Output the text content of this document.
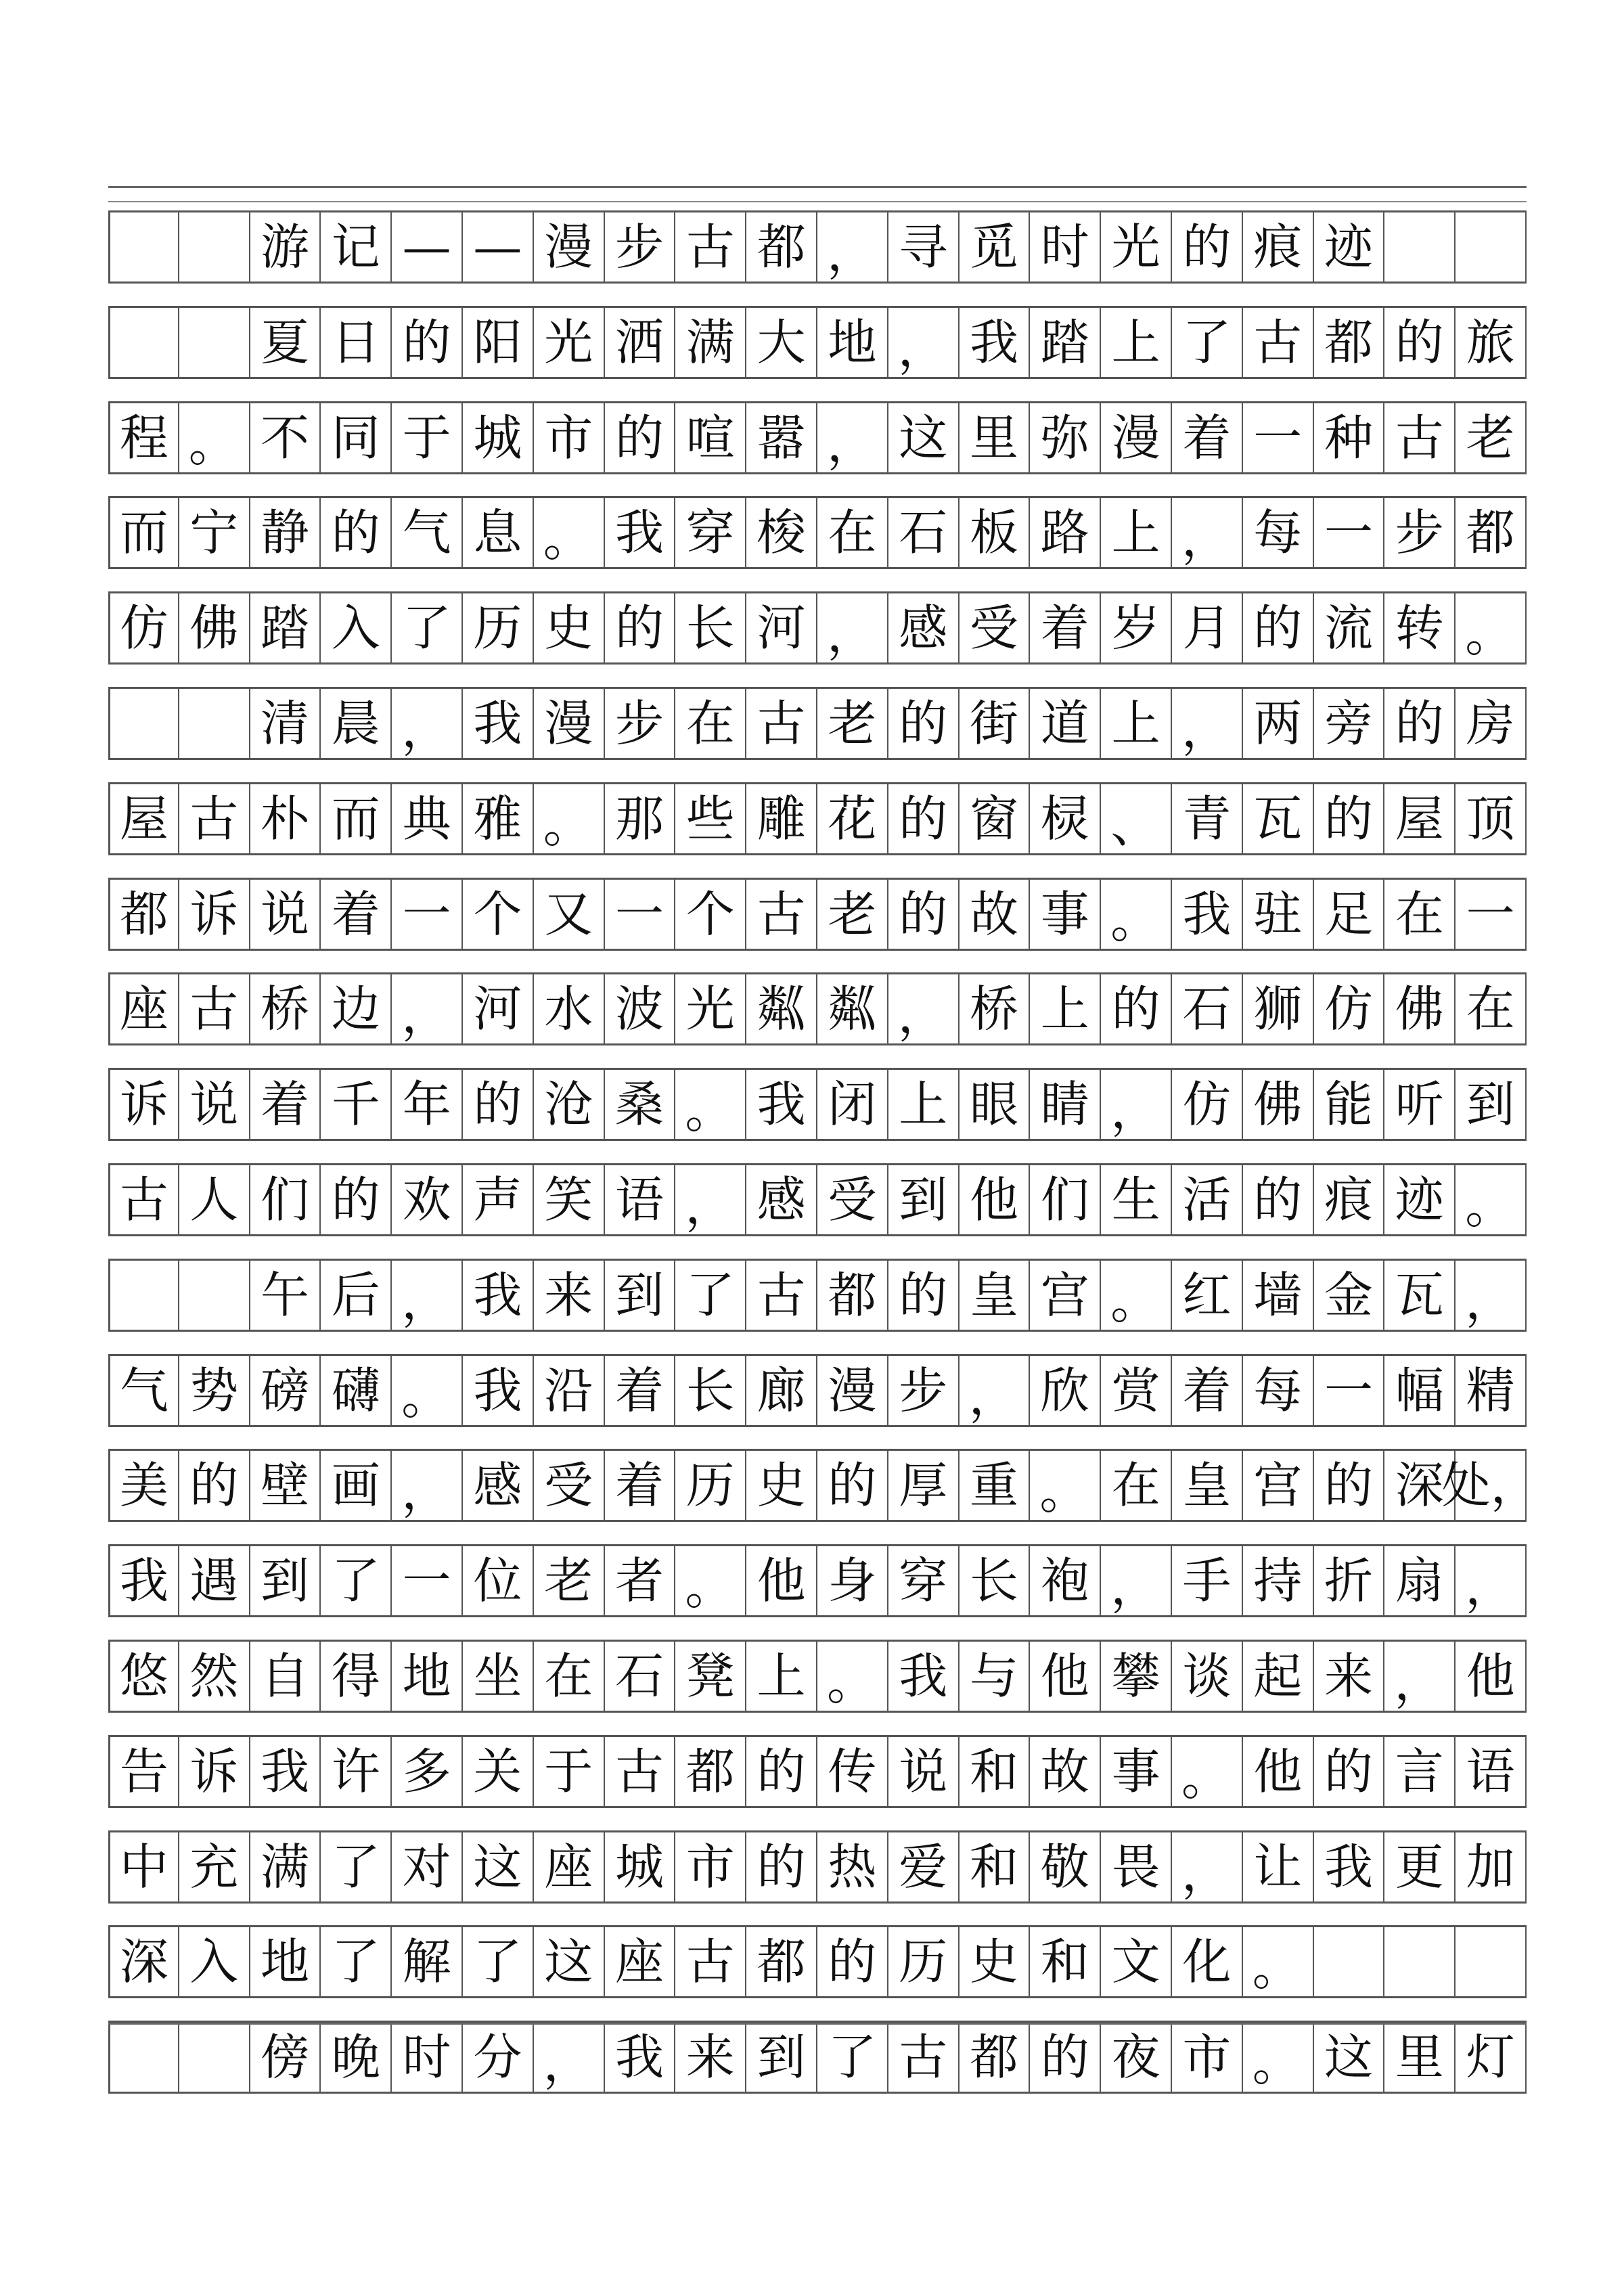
游 记 — — 漫 步 古 都 ， 寻 觅 时 光 的 痕 迹
夏 日 的 阳 光 洒 满 大 地 ， 我 踏 上 了 古 都 的 旅
程 。 不 同 于 城 市 的 喧 嚣 ， 这 里 弥 漫 着 一 种 古 老
而 宁 静 的 气 息 。 我 穿 梭 在 石 板 路 上 ， 每 一 步 都
仿 佛 踏 入 了 历 史 的 长 河 ， 感 受 着 岁 月 的 流 转 。
清 晨 ， 我 漫 步 在 古 老 的 街 道 上 ， 两 旁 的 房
屋 古 朴 而 典 雅 。 那 些 雕 花 的 窗 棂 、 青 瓦 的 屋 顶
都 诉 说 着 一 个 又 一 个 古 老 的 故 事 。 我 驻 足 在 一
座 古 桥 边 ， 河 水 波 光 粼 粼 ， 桥 上 的 石 狮 仿 佛 在
诉 说 着 千 年 的 沧 桑 。 我 闭 上 眼 睛 ， 仿 佛 能 听 到
古 人 们 的 欢 声 笑 语 ， 感 受 到 他 们 生 活 的 痕 迹 。
午 后 ， 我 来 到 了 古 都 的 皇 宫 。 红 墙 金 瓦 ，
气 势 磅 礴 。 我 沿 着 长 廊 漫 步 ， 欣 赏 着 每 一 幅 精
美 的 壁 画 ， 感 受 着 历 史 的 厚 重 。 在 皇 宫 的 深
处，
我 遇 到 了 一 位 老 者 。 他 身 穿 长 袍 ， 手 持 折 扇 ，
悠 然 自 得 地 坐 在 石 凳 上 。 我 与 他 攀 谈 起 来 ， 他
告 诉 我 许 多 关 于 古 都 的 传 说 和 故 事 。 他 的 言 语
中 充 满 了 对 这 座 城 市 的 热 爱 和 敬 畏 ， 让 我 更 加
深 入 地 了 解 了 这 座 古 都 的 历 史 和 文 化 。
傍 晚 时 分 ， 我 来 到 了 古 都 的 夜 市 。 这 里 灯
